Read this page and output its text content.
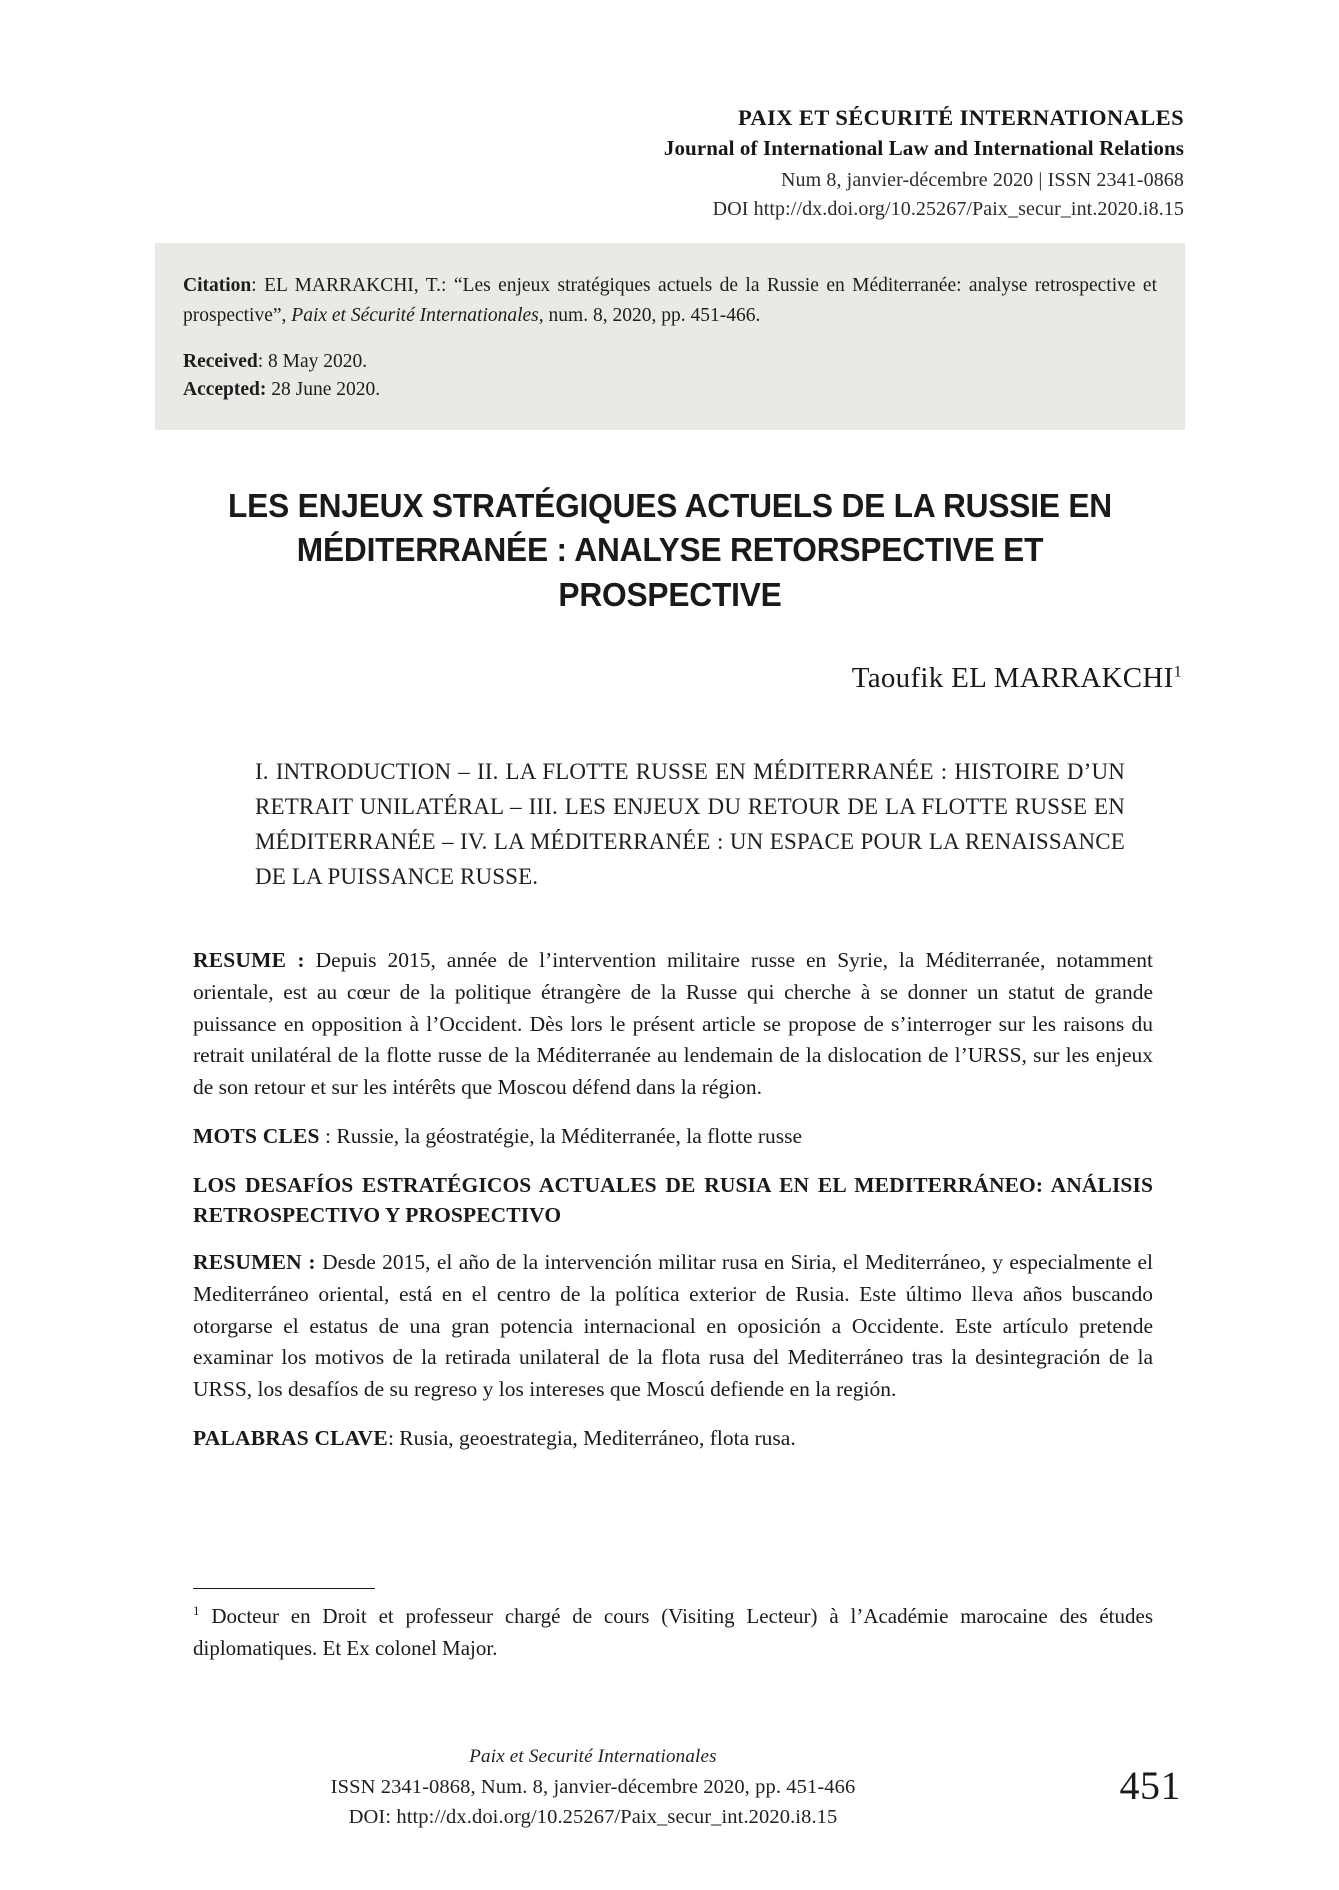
PAIX ET SÉCURITÉ INTERNATIONALES
Journal of International Law and International Relations
Num 8, janvier-décembre 2020 | ISSN 2341-0868
DOI http://dx.doi.org/10.25267/Paix_secur_int.2020.i8.15

Citation: EL MARRAKCHI, T.: “Les enjeux stratégiques actuels de la Russie en Méditerranée: analyse retrospective et prospective”, Paix et Sécurité Internationales, num. 8, 2020, pp. 451-466.

Received: 8 May 2020.

Accepted: 28 June 2020.

LES ENJEUX STRATÉGIQUES ACTUELS DE LA RUSSIE EN MÉDITERRANÉE : ANALYSE RETORSPECTIVE ET PROSPECTIVE
Taoufik EL MARRAKCHI$^1$
I. INTRODUCTION – II. LA FLOTTE RUSSE EN MÉDITERRANÉE : HISTOIRE D’UN RETRAIT UNILATÉRAL – III. LES ENJEUX DU RETOUR DE LA FLOTTE RUSSE EN MÉDITERRANÉE – IV. LA MÉDITERRANÉE : UN ESPACE POUR LA RENAISSANCE DE LA PUISSANCE RUSSE.

RESUME : Depuis 2015, année de l’intervention militaire russe en Syrie, la Méditerranée, notamment orientale, est au cœur de la politique étrangère de la Russe qui cherche à se donner un statut de grande puissance en opposition à l’Occident. Dès lors le présent article se propose de s’interroger sur les raisons du retrait unilatéral de la flotte russe de la Méditerranée au lendemain de la dislocation de l’URSS, sur les enjeux de son retour et sur les intérêts que Moscou défend dans la région.

MOTS CLES : Russie, la géostratégie, la Méditerranée, la flotte russe

LOS DESAFÍOS ESTRATÉGICOS ACTUALES DE RUSIA EN EL MEDITERRÁNEO: ANÁLISIS RETROSPECTIVO Y PROSPECTIVO

RESUMEN : Desde 2015, el año de la intervención militar rusa en Siria, el Mediterráneo, y especialmente el Mediterráneo oriental, está en el centro de la política exterior de Rusia. Este último lleva años buscando otorgarse el estatus de una gran potencia internacional en oposición a Occidente. Este artículo pretende examinar los motivos de la retirada unilateral de la flota rusa del Mediterráneo tras la desintegración de la URSS, los desafíos de su regreso y los intereses que Moscú defiende en la región.

PALABRAS CLAVE: Rusia, geoestrategia, Mediterráneo, flota rusa.

$^1$ Docteur en Droit et professeur chargé de cours (Visiting Lecteur) à l’Académie marocaine des études diplomatiques. Et Ex colonel Major.
Paix et Securité Internationales
ISSN 2341-0868, Num. 8, janvier-décembre 2020, pp. 451-466
DOI: http://dx.doi.org/10.25267/Paix_secur_int.2020.i8.15
451
